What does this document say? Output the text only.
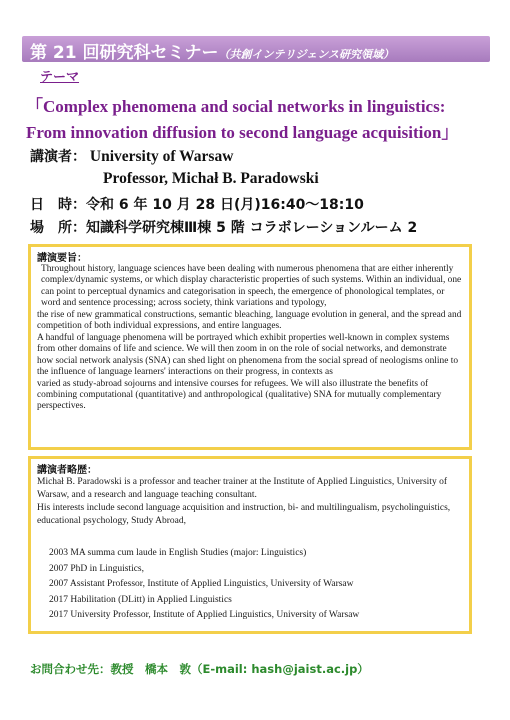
第 21 回研究科セミナー（共創インテリジェンス研究領域）
テーマ
「Complex phenomena and social networks in linguistics:
From innovation diffusion to second language acquisition」
講演者： University of Warsaw
Professor, Michał B. Paradowski
日　時：令和 6 年 10 月 28 日(月)16:40～18:10
場　所：知識科学研究棟Ⅲ棟 5 階 コラボレーションルーム 2
講演要旨：

Throughout history, language sciences have been dealing with numerous phenomena that are either inherently complex/dynamic systems, or which display characteristic properties of such systems. Within an individual, one can point to perceptual dynamics and categorisation in speech, the emergence of phonological templates, or word and sentence processing; across society, think variations and typology,

the rise of new grammatical constructions, semantic bleaching, language evolution in general, and the spread and competition of both individual expressions, and entire languages.

A handful of language phenomena will be portrayed which exhibit properties well-known in complex systems from other domains of life and science. We will then zoom in on the role of social networks, and demonstrate how social network analysis (SNA) can shed light on phenomena from the social spread of neologisms online to the influence of language learners' interactions on their progress, in contexts as

varied as study-abroad sojourns and intensive courses for refugees. We will also illustrate the benefits of combining computational (quantitative) and anthropological (qualitative) SNA for mutually complementary perspectives.

講演者略歴：

Michał B. Paradowski is a professor and teacher trainer at the Institute of Applied Linguistics, University of Warsaw, and a research and language teaching consultant.

His interests include second language acquisition and instruction, bi- and multilingualism, psycholinguistics, educational psychology, Study Abroad,

2003 MA summa cum laude in English Studies (major: Linguistics)

2007 PhD in Linguistics,

2007 Assistant Professor, Institute of Applied Linguistics, University of Warsaw

2017 Habilitation (DLitt) in Applied Linguistics

2017 University Professor, Institute of Applied Linguistics, University of Warsaw

お問合わせ先：教授　橋本　敦（E-mail: hash@jaist.ac.jp）
